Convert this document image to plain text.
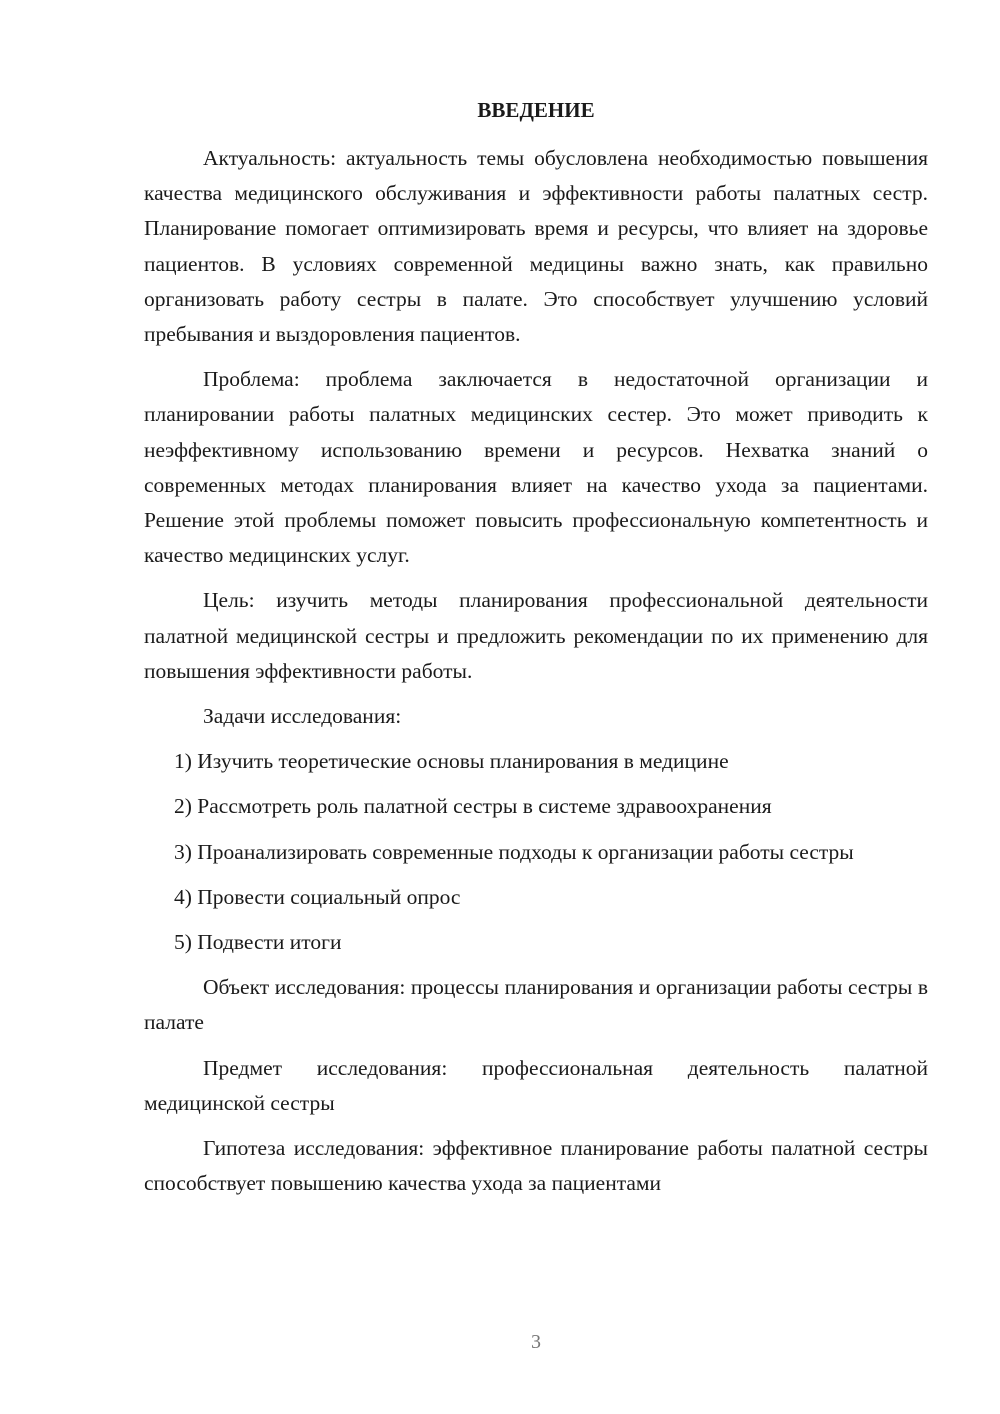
ВВЕДЕНИЕ

Актуальность: актуальность темы обусловлена необходимостью повышения качества медицинского обслуживания и эффективности работы палатных сестр. Планирование помогает оптимизировать время и ресурсы, что влияет на здоровье пациентов. В условиях современной медицины важно знать, как правильно организовать работу сестры в палате. Это способствует улучшению условий пребывания и выздоровления пациентов.

Проблема: проблема заключается в недостаточной организации и планировании работы палатных медицинских сестер. Это может приводить к неэффективному использованию времени и ресурсов. Нехватка знаний о современных методах планирования влияет на качество ухода за пациентами. Решение этой проблемы поможет повысить профессиональную компетентность и качество медицинских услуг.

Цель: изучить методы планирования профессиональной деятельности палатной медицинской сестры и предложить рекомендации по их применению для повышения эффективности работы.

Задачи исследования:

1) Изучить теоретические основы планирования в медицине

2) Рассмотреть роль палатной сестры в системе здравоохранения

3) Проанализировать современные подходы к организации работы сестры

4) Провести социальный опрос

5) Подвести итоги

Объект исследования: процессы планирования и организации работы сестры в палате

Предмет исследования: профессиональная деятельность палатной медицинской сестры

Гипотеза исследования: эффективное планирование работы палатной сестры способствует повышению качества ухода за пациентами

3
